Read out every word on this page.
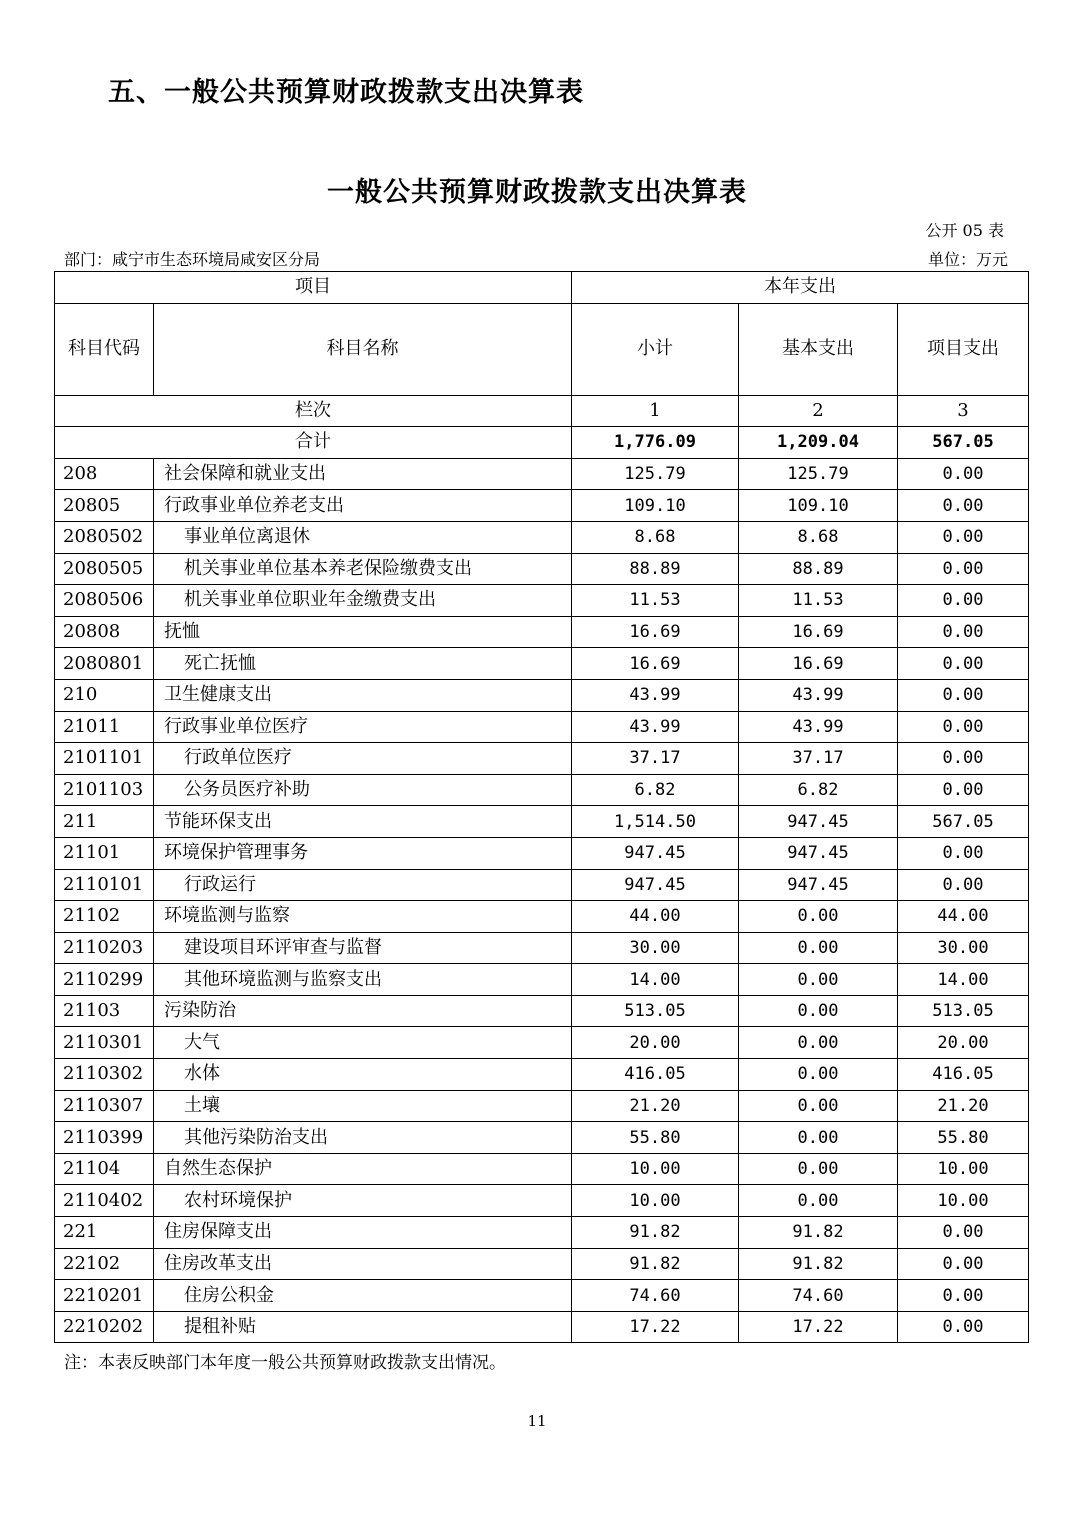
五、一般公共预算财政拨款支出决算表
一般公共预算财政拨款支出决算表
公开 05 表
部门：咸宁市生态环境局咸安区分局	单位：万元
项目		本年支出		
科目代码	科目名称	小计	基本支出	项目支出
栏次		1	2	3
合计		1,776.09	1,209.04	567.05
208	社会保障和就业支出	125.79	125.79	0.00
20805	行政事业单位养老支出	109.10	109.10	0.00
2080502	事业单位离退休	8.68	8.68	0.00
2080505	机关事业单位基本养老保险缴费支出	88.89	88.89	0.00
2080506	机关事业单位职业年金缴费支出	11.53	11.53	0.00
20808	抚恤	16.69	16.69	0.00
2080801	死亡抚恤	16.69	16.69	0.00
210	卫生健康支出	43.99	43.99	0.00
21011	行政事业单位医疗	43.99	43.99	0.00
2101101	行政单位医疗	37.17	37.17	0.00
2101103	公务员医疗补助	6.82	6.82	0.00
211	节能环保支出	1,514.50	947.45	567.05
21101	环境保护管理事务	947.45	947.45	0.00
2110101	行政运行	947.45	947.45	0.00
21102	环境监测与监察	44.00	0.00	44.00
2110203	建设项目环评审查与监督	30.00	0.00	30.00
2110299	其他环境监测与监察支出	14.00	0.00	14.00
21103	污染防治	513.05	0.00	513.05
2110301	大气	20.00	0.00	20.00
2110302	水体	416.05	0.00	416.05
2110307	土壤	21.20	0.00	21.20
2110399	其他污染防治支出	55.80	0.00	55.80
21104	自然生态保护	10.00	0.00	10.00
2110402	农村环境保护	10.00	0.00	10.00
221	住房保障支出	91.82	91.82	0.00
22102	住房改革支出	91.82	91.82	0.00
2210201	住房公积金	74.60	74.60	0.00
2210202	提租补贴	17.22	17.22	0.00
注：本表反映部门本年度一般公共预算财政拨款支出情况。
11
